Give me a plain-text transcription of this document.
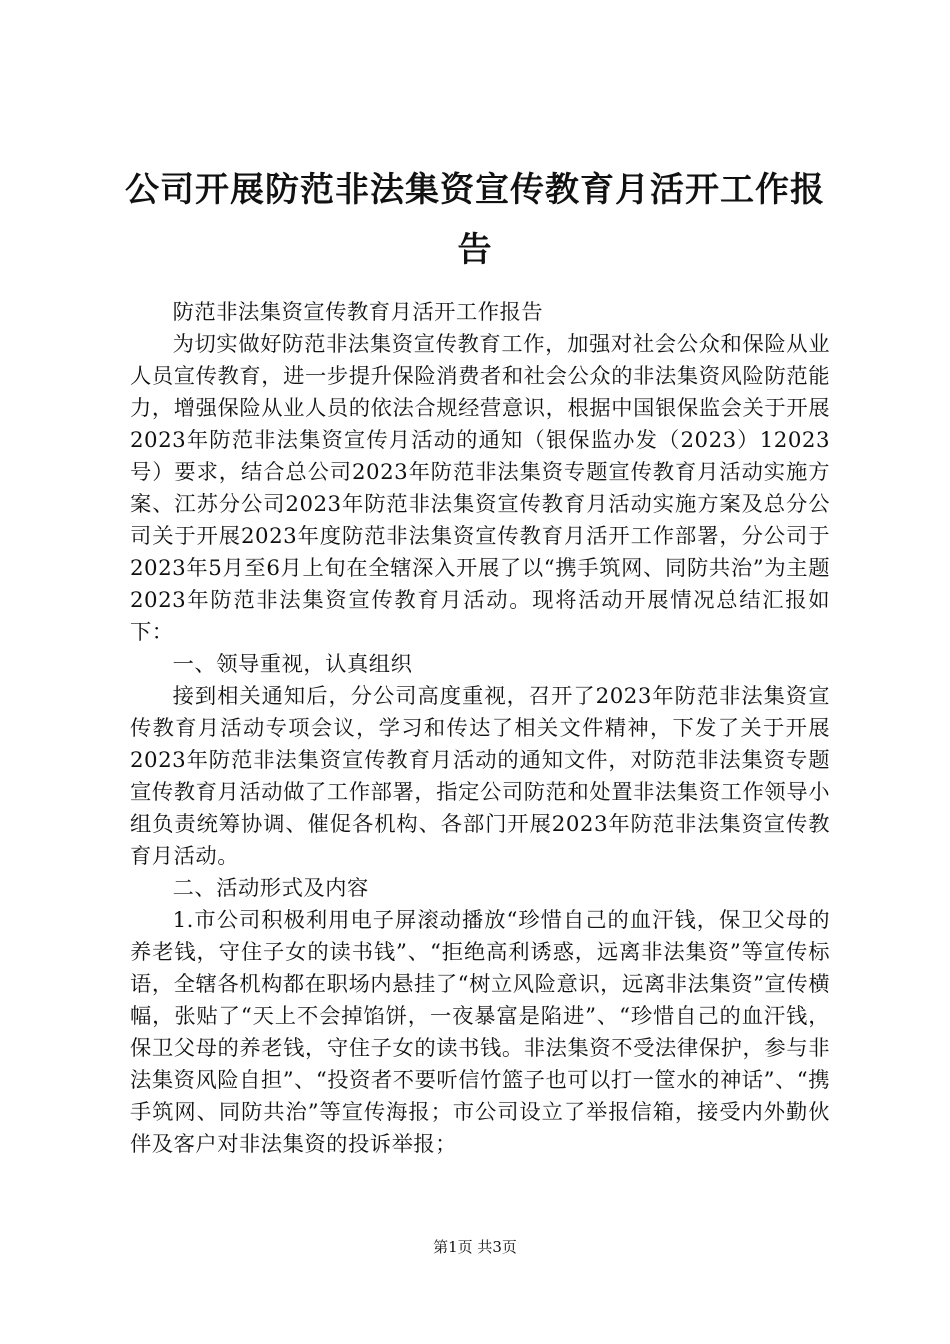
公司开展防范非法集资宣传教育月活开工作报告

防范非法集资宣传教育月活开工作报告

为切实做好防范非法集资宣传教育工作，加强对社会公众和保险从业人员宣传教育，进一步提升保险消费者和社会公众的非法集资风险防范能力，增强保险从业人员的依法合规经营意识，根据中国银保监会关于开展2023年防范非法集资宣传月活动的通知（银保监办发（2023）12023号）要求，结合总公司2023年防范非法集资专题宣传教育月活动实施方案、江苏分公司2023年防范非法集资宣传教育月活动实施方案及总分公司关于开展2023年度防范非法集资宣传教育月活开工作部署，分公司于2023年5月至6月上旬在全辖深入开展了以“携手筑网、同防共治”为主题2023年防范非法集资宣传教育月活动。现将活动开展情况总结汇报如下：

一、领导重视，认真组织

接到相关通知后，分公司高度重视，召开了2023年防范非法集资宣传教育月活动专项会议，学习和传达了相关文件精神，下发了关于开展2023年防范非法集资宣传教育月活动的通知文件，对防范非法集资专题宣传教育月活动做了工作部署，指定公司防范和处置非法集资工作领导小组负责统筹协调、催促各机构、各部门开展2023年防范非法集资宣传教育月活动。

二、活动形式及内容

1.市公司积极利用电子屏滚动播放“珍惜自己的血汗钱，保卫父母的养老钱，守住子女的读书钱”、“拒绝高利诱惑，远离非法集资”等宣传标语，全辖各机构都在职场内悬挂了“树立风险意识，远离非法集资”宣传横幅，张贴了“天上不会掉馅饼，一夜暴富是陷进”、“珍惜自己的血汗钱，保卫父母的养老钱，守住子女的读书钱。非法集资不受法律保护，参与非法集资风险自担”、“投资者不要听信竹篮子也可以打一筐水的神话”、“携手筑网、同防共治”等宣传海报；市公司设立了举报信箱，接受内外勤伙伴及客户对非法集资的投诉举报；

第1页 共3页
